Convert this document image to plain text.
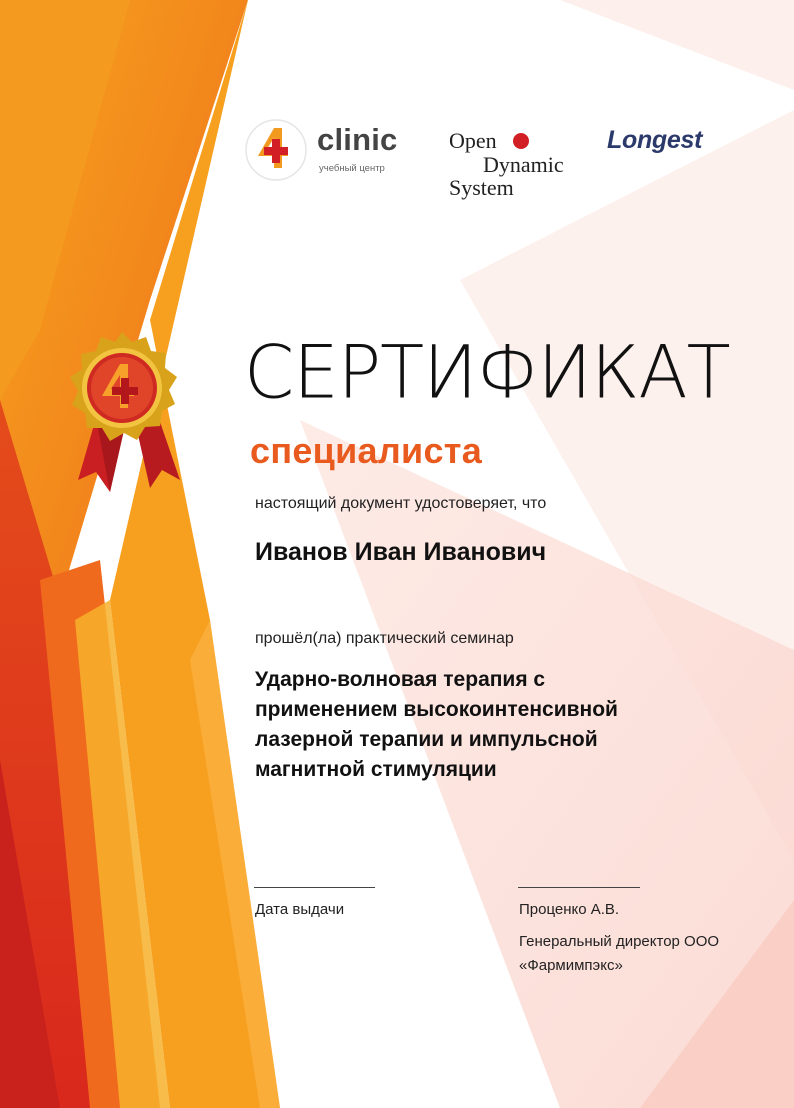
clinic
учебный центр
Open
Dynamic
System
Longest
СЕРТИФИКАТ
специалиста
настоящий документ удостоверяет, что
Иванов Иван Иванович
прошёл(ла) практический семинар
Ударно-волновая терапия с
применением высокоинтенсивной
лазерной терапии и импульсной
магнитной стимуляции
Дата выдачи	Проценко А.В.
Генеральный директор ООО
«Фармимпэкс»
